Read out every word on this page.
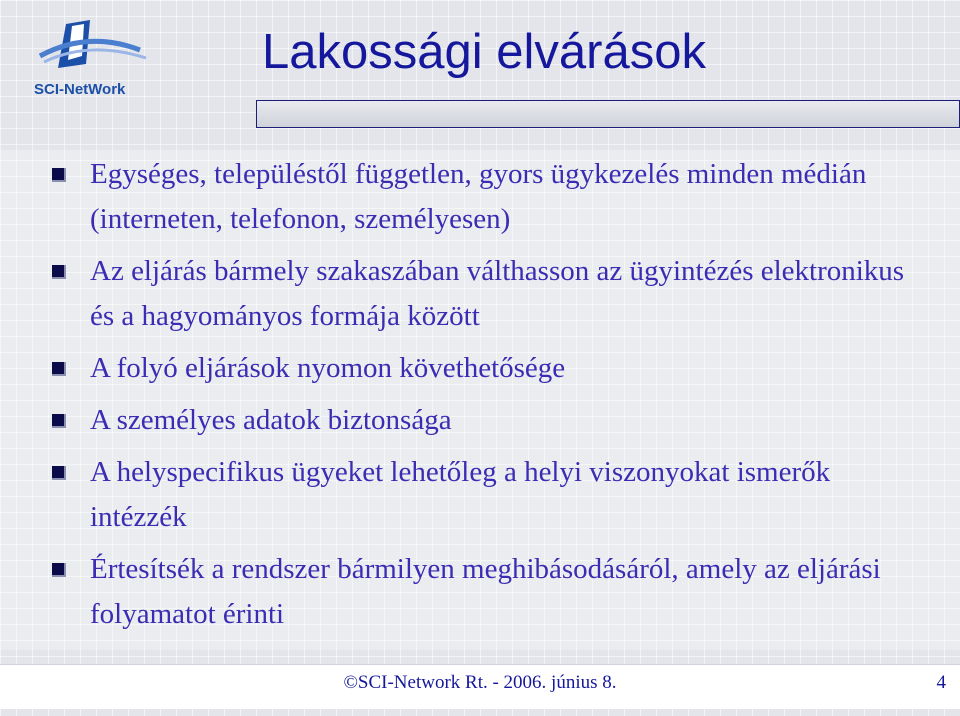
SCI-NetWork
Lakossági elvárások
Egységes, településtől független, gyors ügykezelés minden médián (interneten, telefonon, személyesen)
Az eljárás bármely szakaszában válthasson az ügyintézés elektronikus és a hagyományos formája között
A folyó eljárások nyomon követhetősége
A személyes adatok biztonsága
A helyspecifikus ügyeket lehetőleg a helyi viszonyokat ismerők intézzék
Értesítsék a rendszer bármilyen meghibásodásáról, amely az eljárási folyamatot érinti
©SCI-Network Rt. - 2006. június 8.	4
